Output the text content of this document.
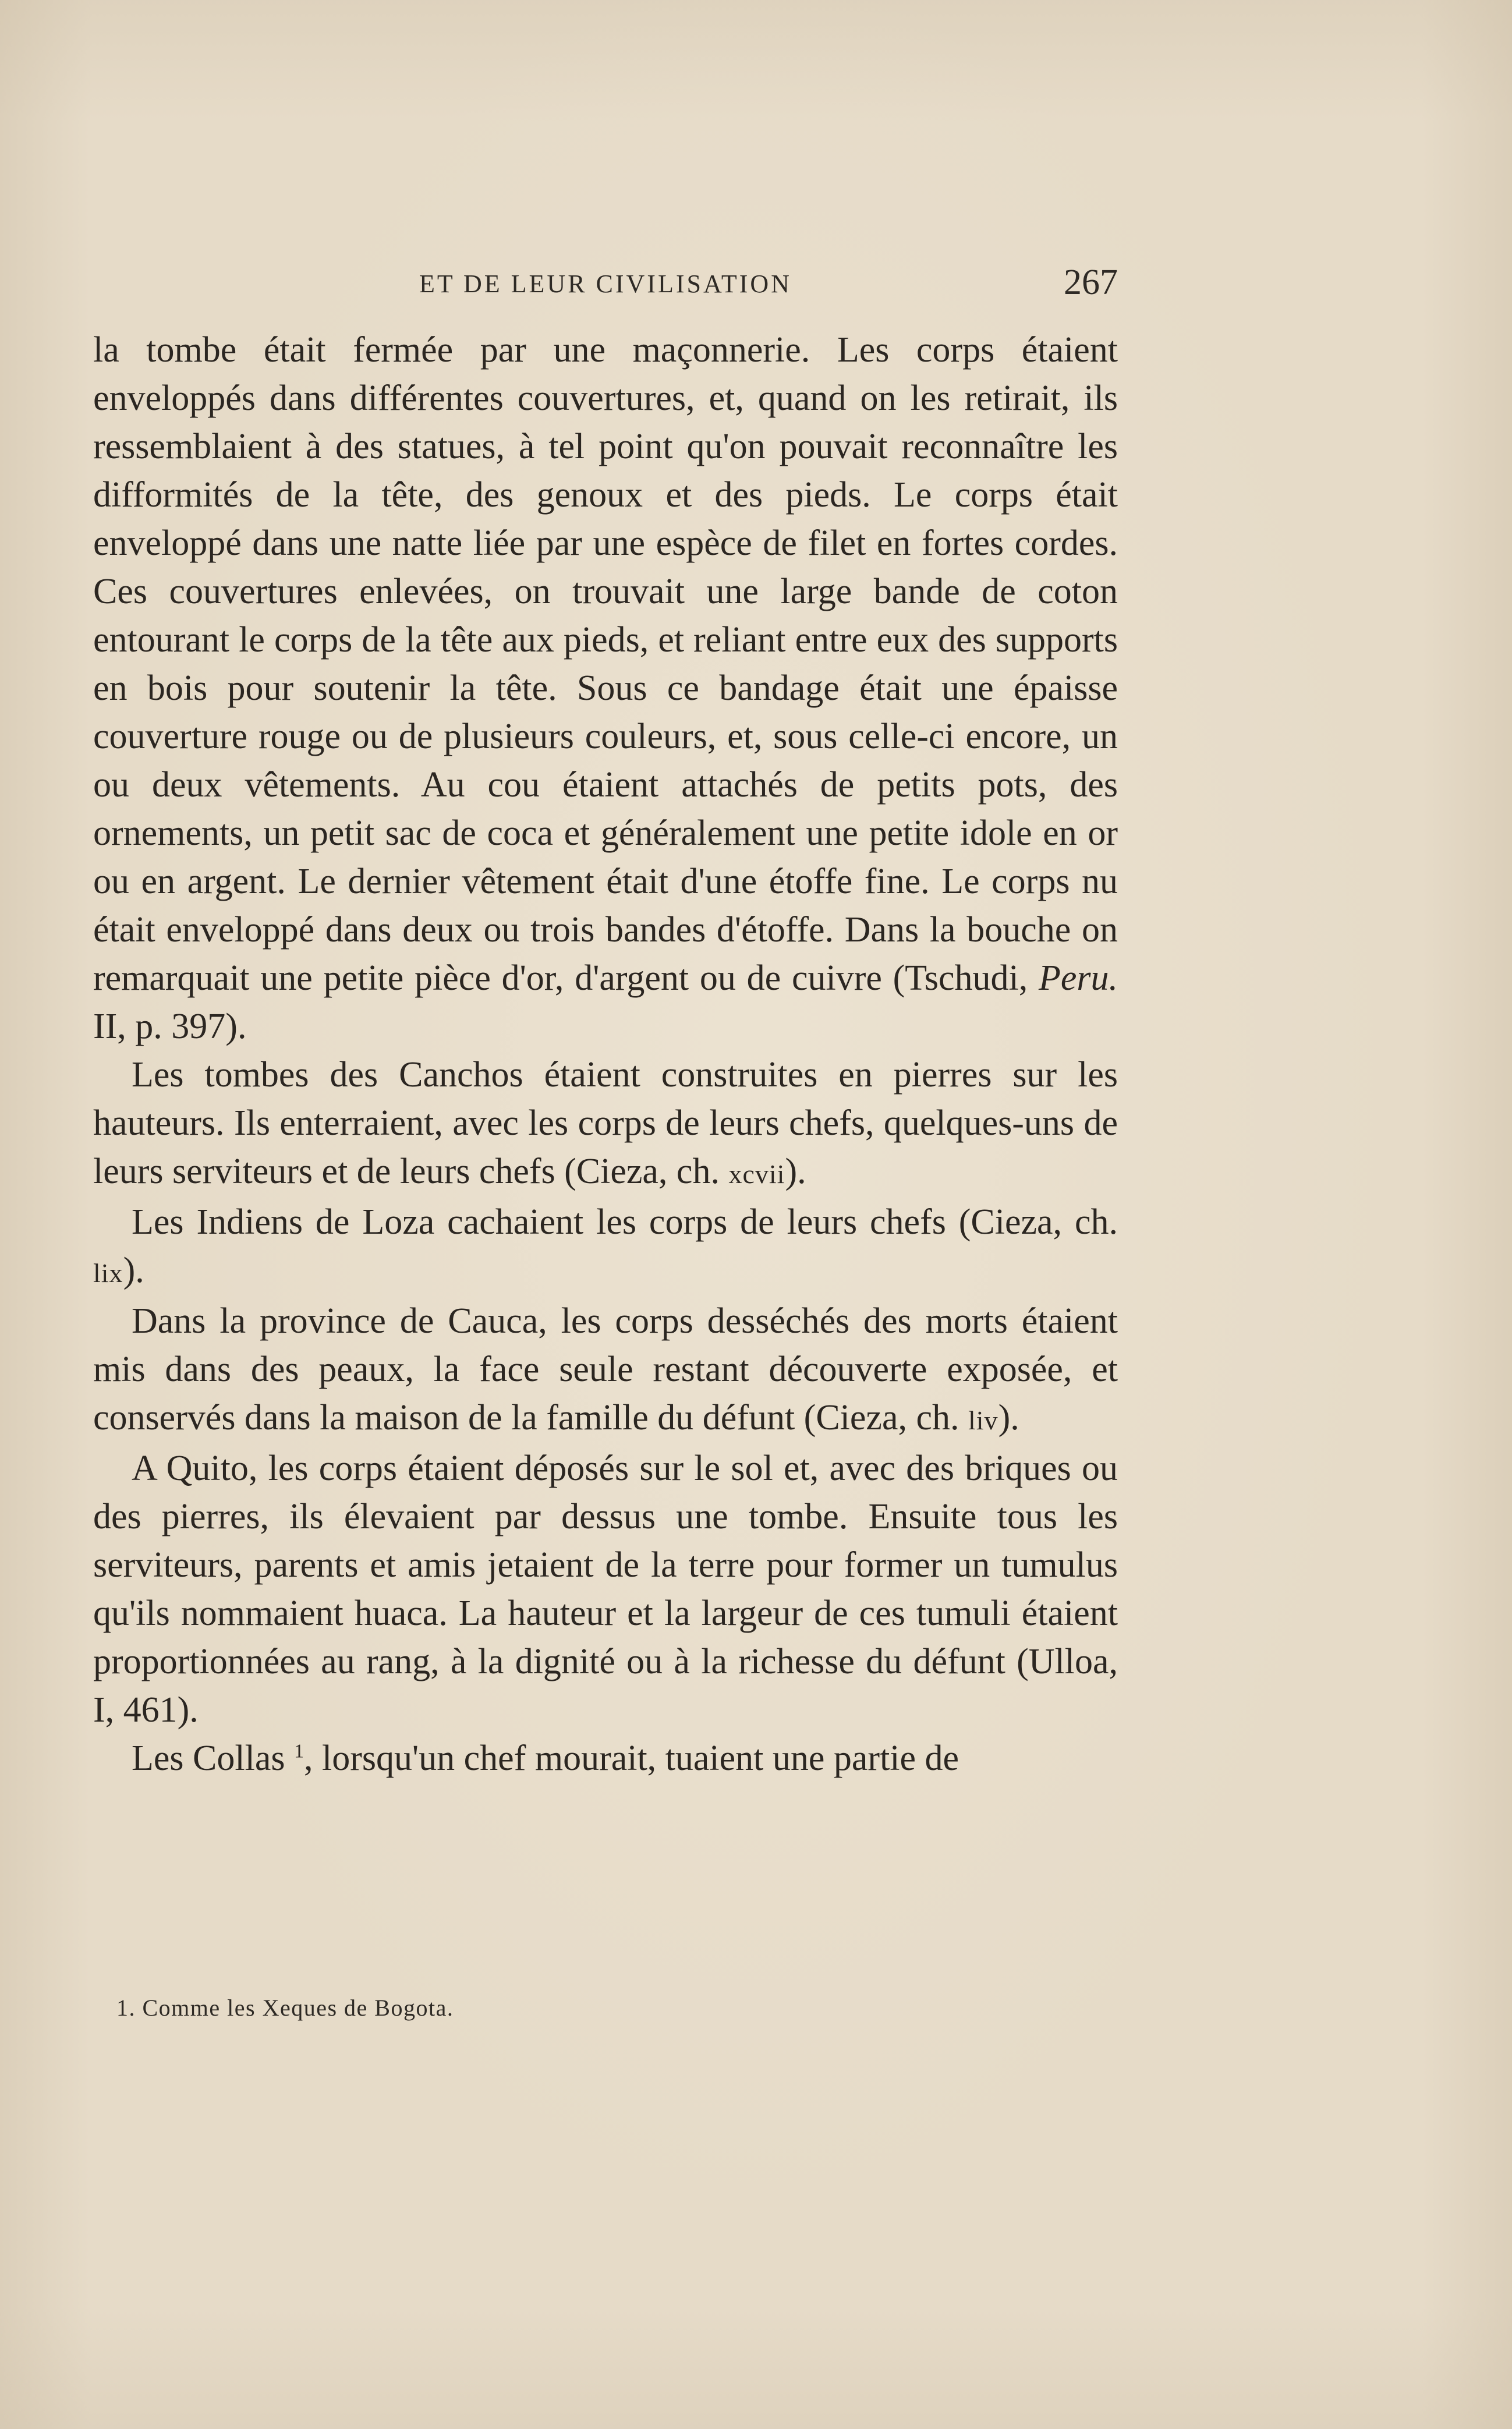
ET DE LEUR CIVILISATION	267

la tombe était fermée par une maçonnerie. Les corps étaient enveloppés dans différentes couvertures, et, quand on les retirait, ils ressemblaient à des statues, à tel point qu'on pouvait reconnaître les difformités de la tête, des genoux et des pieds. Le corps était enveloppé dans une natte liée par une espèce de filet en fortes cordes. Ces couvertures enlevées, on trouvait une large bande de coton entourant le corps de la tête aux pieds, et reliant entre eux des supports en bois pour soutenir la tête. Sous ce bandage était une épaisse couverture rouge ou de plusieurs couleurs, et, sous celle-ci encore, un ou deux vêtements. Au cou étaient attachés de petits pots, des ornements, un petit sac de coca et généralement une petite idole en or ou en argent. Le dernier vêtement était d'une étoffe fine. Le corps nu était enveloppé dans deux ou trois bandes d'étoffe. Dans la bouche on remarquait une petite pièce d'or, d'argent ou de cuivre (Tschudi, Peru. II, p. 397).

Les tombes des Canchos étaient construites en pierres sur les hauteurs. Ils enterraient, avec les corps de leurs chefs, quelques-uns de leurs serviteurs et de leurs chefs (Cieza, ch. xcvii).

Les Indiens de Loza cachaient les corps de leurs chefs (Cieza, ch. lix).

Dans la province de Cauca, les corps desséchés des morts étaient mis dans des peaux, la face seule restant découverte exposée, et conservés dans la maison de la famille du défunt (Cieza, ch. liv).

A Quito, les corps étaient déposés sur le sol et, avec des briques ou des pierres, ils élevaient par dessus une tombe. Ensuite tous les serviteurs, parents et amis jetaient de la terre pour former un tumulus qu'ils nommaient huaca. La hauteur et la largeur de ces tumuli étaient proportionnées au rang, à la dignité ou à la richesse du défunt (Ulloa, I, 461).

Les Collas $^1$, lorsqu'un chef mourait, tuaient une partie de

1. Comme les Xeques de Bogota.
